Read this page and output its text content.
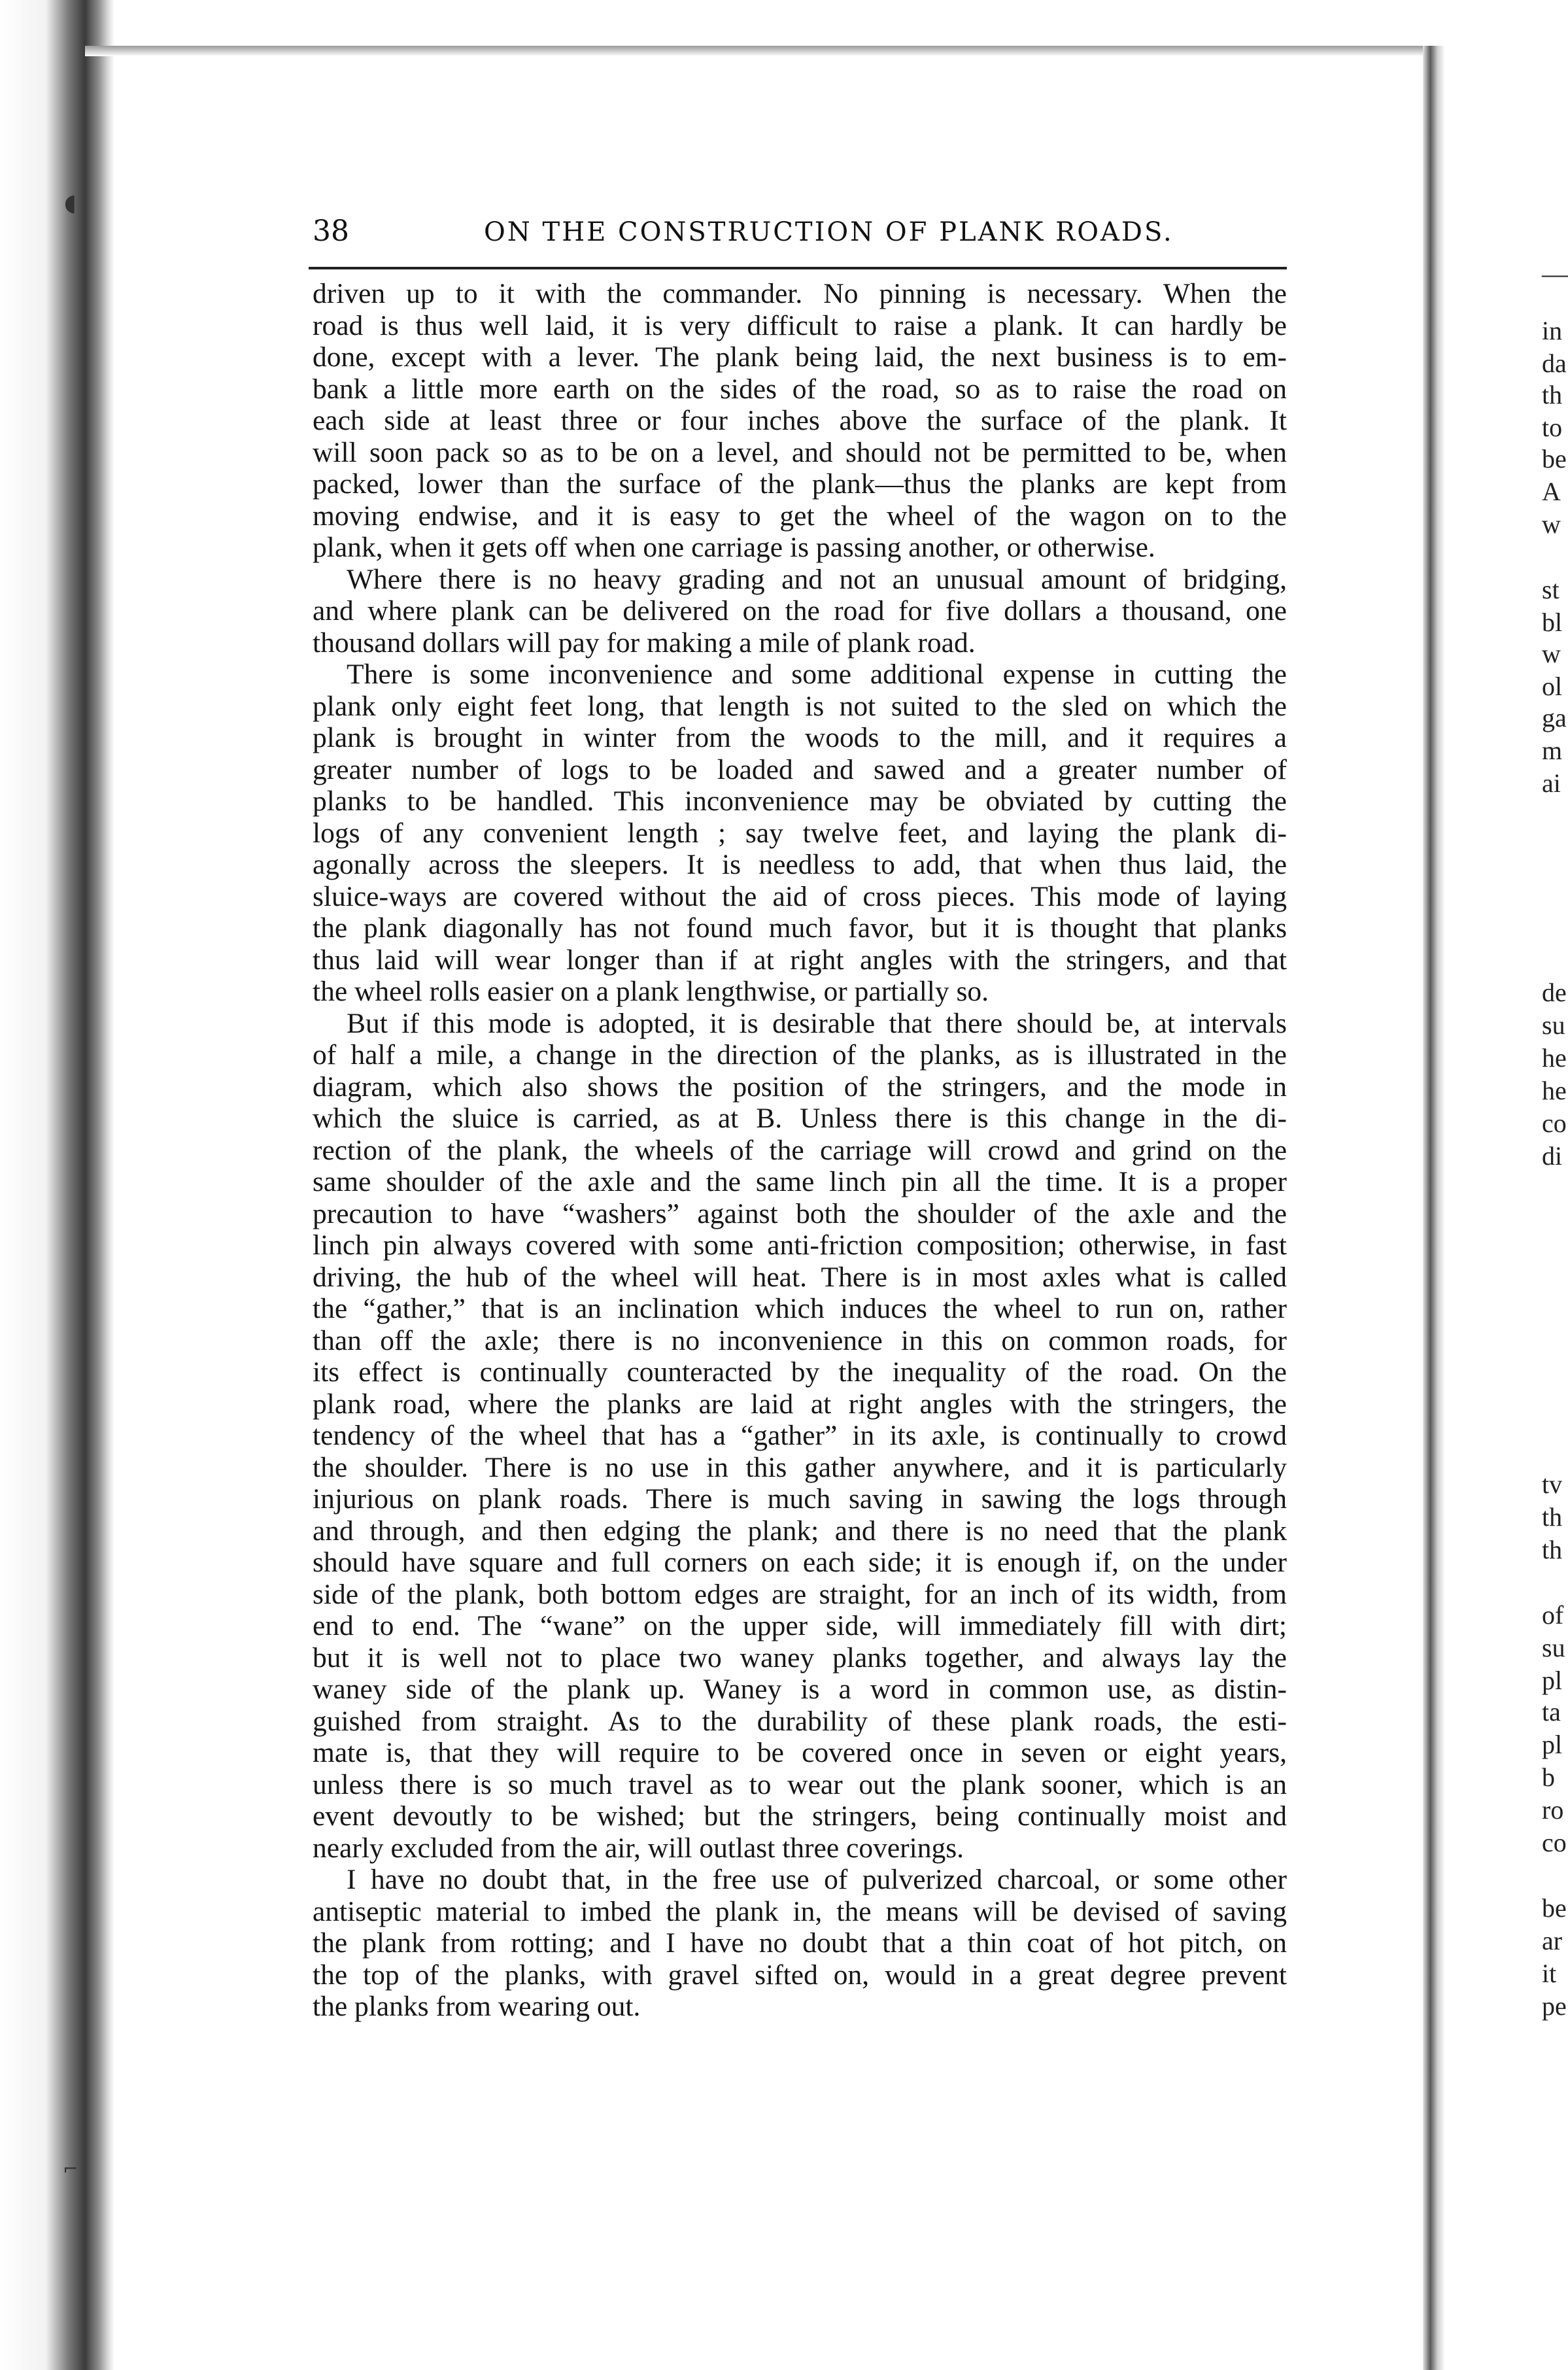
◖
⌐
38	ON THE CONSTRUCTION OF PLANK ROADS.
driven up to it with the commander. No pinning is necessary. When the
road is thus well laid, it is very difficult to raise a plank. It can hardly be
done, except with a lever. The plank being laid, the next business is to em-
bank a little more earth on the sides of the road, so as to raise the road on
each side at least three or four inches above the surface of the plank. It
will soon pack so as to be on a level, and should not be permitted to be, when
packed, lower than the surface of the plank—thus the planks are kept from
moving endwise, and it is easy to get the wheel of the wagon on to the
plank, when it gets off when one carriage is passing another, or otherwise.
Where there is no heavy grading and not an unusual amount of bridging,
and where plank can be delivered on the road for five dollars a thousand, one
thousand dollars will pay for making a mile of plank road.
There is some inconvenience and some additional expense in cutting the
plank only eight feet long, that length is not suited to the sled on which the
plank is brought in winter from the woods to the mill, and it requires a
greater number of logs to be loaded and sawed and a greater number of
planks to be handled. This inconvenience may be obviated by cutting the
logs of any convenient length ; say twelve feet, and laying the plank di-
agonally across the sleepers. It is needless to add, that when thus laid, the
sluice-ways are covered without the aid of cross pieces. This mode of laying
the plank diagonally has not found much favor, but it is thought that planks
thus laid will wear longer than if at right angles with the stringers, and that
the wheel rolls easier on a plank lengthwise, or partially so.
But if this mode is adopted, it is desirable that there should be, at intervals
of half a mile, a change in the direction of the planks, as is illustrated in the
diagram, which also shows the position of the stringers, and the mode in
which the sluice is carried, as at B. Unless there is this change in the di-
rection of the plank, the wheels of the carriage will crowd and grind on the
same shoulder of the axle and the same linch pin all the time. It is a proper
precaution to have “washers” against both the shoulder of the axle and the
linch pin always covered with some anti-friction composition; otherwise, in fast
driving, the hub of the wheel will heat. There is in most axles what is called
the “gather,” that is an inclination which induces the wheel to run on, rather
than off the axle; there is no inconvenience in this on common roads, for
its effect is continually counteracted by the inequality of the road. On the
plank road, where the planks are laid at right angles with the stringers, the
tendency of the wheel that has a “gather” in its axle, is continually to crowd
the shoulder. There is no use in this gather anywhere, and it is particularly
injurious on plank roads. There is much saving in sawing the logs through
and through, and then edging the plank; and there is no need that the plank
should have square and full corners on each side; it is enough if, on the under
side of the plank, both bottom edges are straight, for an inch of its width, from
end to end. The “wane” on the upper side, will immediately fill with dirt;
but it is well not to place two waney planks together, and always lay the
waney side of the plank up. Waney is a word in common use, as distin-
guished from straight. As to the durability of these plank roads, the esti-
mate is, that they will require to be covered once in seven or eight years,
unless there is so much travel as to wear out the plank sooner, which is an
event devoutly to be wished; but the stringers, being continually moist and
nearly excluded from the air, will outlast three coverings.
I have no doubt that, in the free use of pulverized charcoal, or some other
antiseptic material to imbed the plank in, the means will be devised of saving
the plank from rotting; and I have no doubt that a thin coat of hot pitch, on
the top of the planks, with gravel sifted on, would in a great degree prevent
the planks from wearing out.
—
in
da
th
to
be
A
w
st
bl
w
ol
ga
m
ai
de
su
he
he
co
di
tv
th
th
of
su
pl
ta
pl
b
ro
co
be
ar
it
pe
